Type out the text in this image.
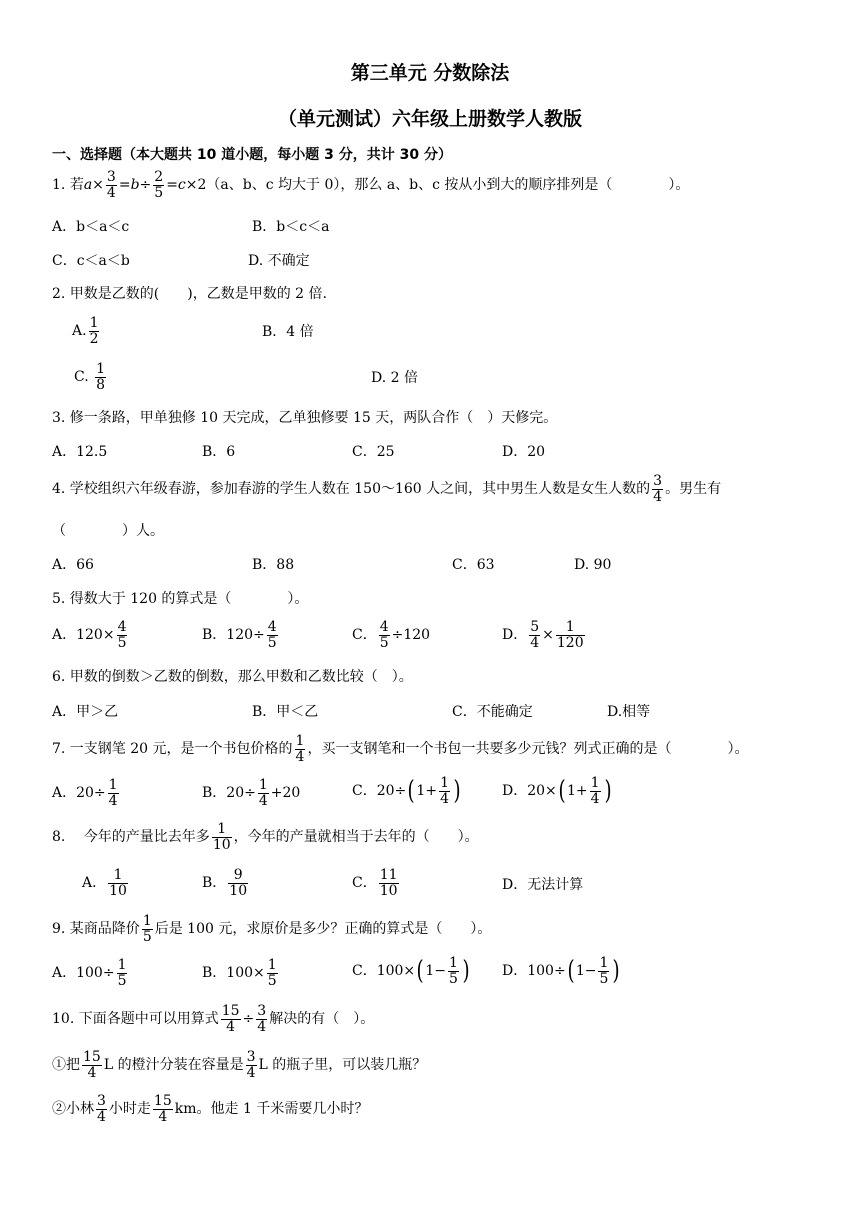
第三单元 分数除法
（单元测试）六年级上册数学人教版
一、选择题（本大题共 10 道小题，每小题 3 分，共计 30 分）
1. 若$a\times \frac{3}{4} =b\div \frac{2}{5} =c\times 2(a$、b、c 均大于 0），那么 a、b、c 按从小到大的顺序排列是（　　　　）。
A．b＜a＜c	B．b＜c＜a
C．c＜a＜b	D. 不确定
2. 甲数是乙数的(　　)，乙数是甲数的 2 倍.
A. $\frac{1}{2}$	B．4 倍
C. $\frac{1}{8}$	D. 2 倍
3. 修一条路，甲单独修 10 天完成，乙单独修要 15 天，两队合作（　）天修完。
A．12.5	B．6	C．25	D．20
4. 学校组织六年级春游，参加春游的学生人数在 150～160 人之间，其中男生人数是女生人数的 $\frac{3}{4}$ 。男生有
（　　　　）人。
A．66	B．88	C．63	D. 90
5. 得数大于 120 的算式是（　　　　）。
A．$120\times \frac{4}{5}$	B．$120\div \frac{4}{5}$	C． $\frac{4}{5} \div 120$	D． $\frac{5}{4} \times \frac{1}{120}$
6. 甲数的倒数＞乙数的倒数，那么甲数和乙数比较（　）。
A．甲＞乙	B．甲＜乙	C．不能确定	D.相等
7. 一支钢笔 20 元，是一个书包价格的 $\frac{1}{4}$ ，买一支钢笔和一个书包一共要多少元钱？列式正确的是（　　　　）。
A．$20\div \frac{1}{4}$	B．$20\div \frac{1}{4} +20$	C．20÷( $1+ \frac{1}{4}$ )	D．20×( $1+ \frac{1}{4}$ )
8. 　今年的产量比去年多 $\frac{1}{10}$ ，今年的产量就相当于去年的（　　）。
A． $\frac{1}{10}$	B． $\frac{9}{10}$	C． $\frac{11}{10}$	D．无法计算
9. 某商品降价 $\frac{1}{5}$ 后是 100 元，求原价是多少？正确的算式是（　　）。
A．$100\div \frac{1}{5}$	B．$100\times \frac{1}{5}$	C．100×( $1- \frac{1}{5}$ ) D．100÷( $1- \frac{1}{5}$ )
10. 下面各题中可以用算式 $\frac{15}{4} \div \frac{3}{4}$ 解决的有（　）。
①把 $\frac{15}{4}$ L 的橙汁分装在容量是 $\frac{3}{4}$ L 的瓶子里，可以装几瓶？
②小林 $\frac{3}{4}$ 小时走 $\frac{15}{4}$ km。他走 1 千米需要几小时？
